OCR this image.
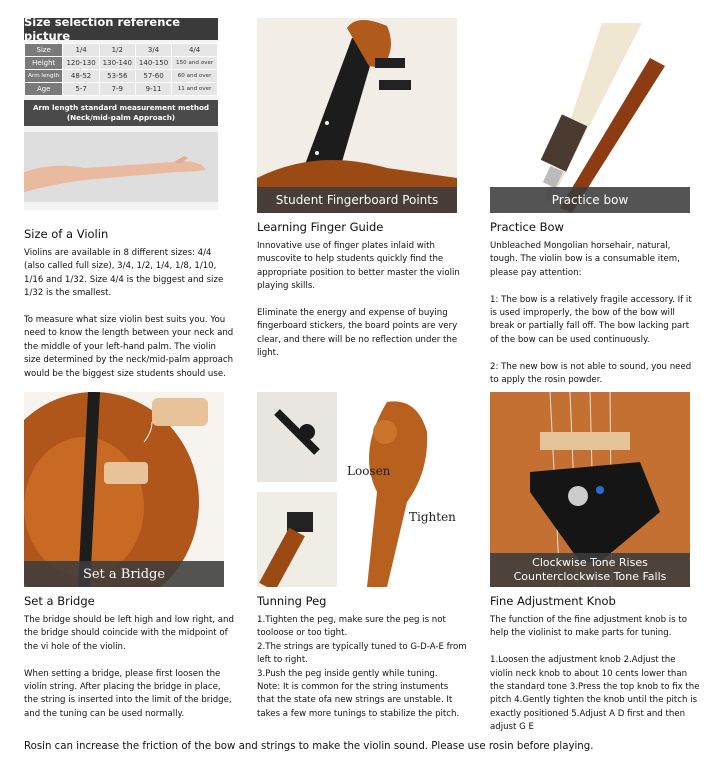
Size selection reference picture
Size	1/4	1/2	3/4	4/4
Height	120-130	130-140	140-150	150 and over
Arm length	48-52	53-56	57-60	60 and over
Age	5-7	7-9	9-11	11 and over
Arm length standard measurement method
(Neck/mid-palm Approach)
Size of a Violin
Violins are available in 8 different sizes: 4/4 (also called full size), 3/4, 1/2, 1/4, 1/8, 1/10, 1/16 and 1/32. Size 4/4 is the biggest and size 1/32 is the smallest.

To measure what size violin best suits you. You need to know the length between your neck and the middle of your left-hand palm. The violin size determined by the neck/mid-palm approach would be the biggest size students should use.
Student Fingerboard Points
Learning Finger Guide
Innovative use of finger plates inlaid with muscovite to help students quickly find the appropriate position to better master the violin playing skills.

Eliminate the energy and expense of buying fingerboard stickers, the board points are very clear, and there will be no reflection under the light.
Practice bow
Practice Bow
Unbleached Mongolian horsehair, natural, tough. The violin bow is a consumable item, please pay attention:

1: The bow is a relatively fragile accessory. If it is used improperly, the bow of the bow will break or partially fall off. The bow lacking part of the bow can be used continuously.

2: The new bow is not able to sound, you need to apply the rosin powder.
Set a Bridge
Set a Bridge
The bridge should be left high and low right, and the bridge should coincide with the midpoint of the vi hole of the violin.

When setting a bridge, please first loosen the violin string. After placing the bridge in place, the string is inserted into the limit of the bridge, and the tuning can be used normally.
Loosen
Tighten
Tunning Peg
1.Tighten the peg, make sure the peg is not tooloose or too tight.
2.The strings are typically tuned to G-D-A-E from left to right.
3.Push the peg inside gently while tuning.
Note: It is common for the string instuments that the state ofa new strings are unstable. It takes a few more tunings to stabilize the pitch.
Clockwise Tone Rises
Counterclockwise Tone Falls
Fine Adjustment Knob
The function of the fine adjustment knob is to help the violinist to make parts for tuning.

1.Loosen the adjustment knob 2.Adjust the violin neck knob to about 10 cents lower than the standard tone 3.Press the top knob to fix the pitch 4.Gently tighten the knob until the pitch is exactly positioned 5.Adjust A D first and then adjust G E
Rosin can increase the friction of the bow and strings to make the violin sound. Please use rosin before playing.
